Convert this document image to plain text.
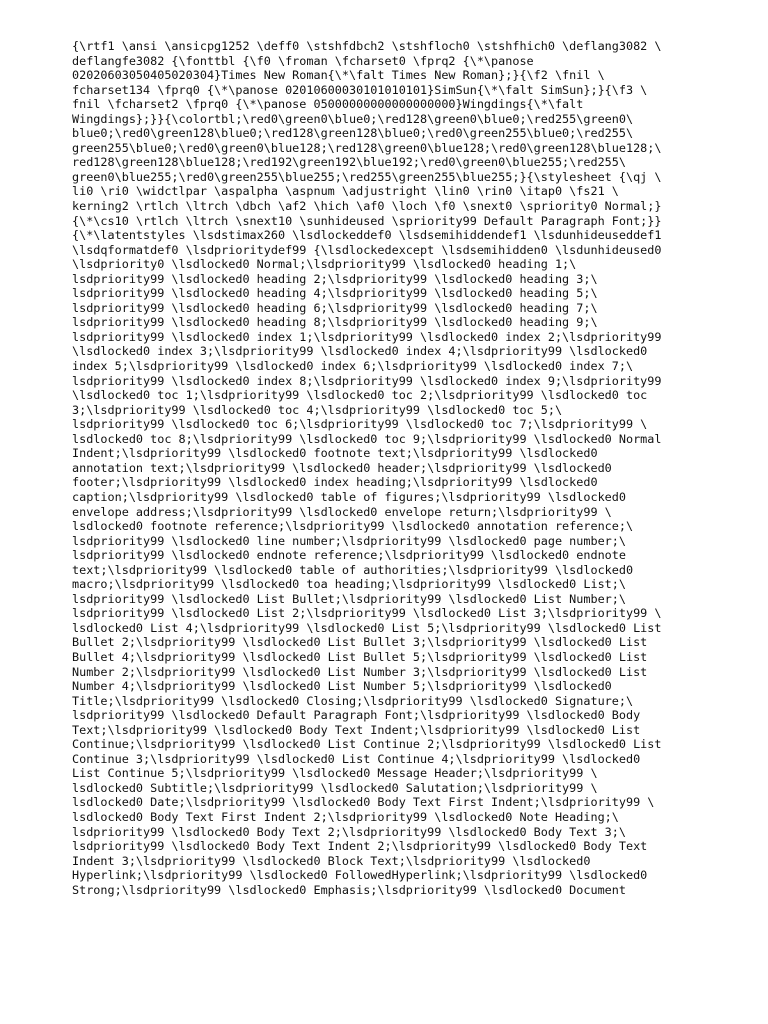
{\rtf1 \ansi \ansicpg1252 \deff0 \stshfdbch2 \stshfloch0 \stshfhich0 \deflang3082 \
deflangfe3082 {\fonttbl {\f0 \froman \fcharset0 \fprq2 {\*\panose
02020603050405020304}Times New Roman{\*\falt Times New Roman};}{\f2 \fnil \
fcharset134 \fprq0 {\*\panose 02010600030101010101}SimSun{\*\falt SimSun};}{\f3 \
fnil \fcharset2 \fprq0 {\*\panose 05000000000000000000}Wingdings{\*\falt
Wingdings};}}{\colortbl;\red0\green0\blue0;\red128\green0\blue0;\red255\green0\
blue0;\red0\green128\blue0;\red128\green128\blue0;\red0\green255\blue0;\red255\
green255\blue0;\red0\green0\blue128;\red128\green0\blue128;\red0\green128\blue128;\
red128\green128\blue128;\red192\green192\blue192;\red0\green0\blue255;\red255\
green0\blue255;\red0\green255\blue255;\red255\green255\blue255;}{\stylesheet {\qj \
li0 \ri0 \widctlpar \aspalpha \aspnum \adjustright \lin0 \rin0 \itap0 \fs21 \
kerning2 \rtlch \ltrch \dbch \af2 \hich \af0 \loch \f0 \snext0 \spriority0 Normal;}
{\*\cs10 \rtlch \ltrch \snext10 \sunhideused \spriority99 Default Paragraph Font;}}
{\*\latentstyles \lsdstimax260 \lsdlockeddef0 \lsdsemihiddendef1 \lsdunhideuseddef1
\lsdqformatdef0 \lsdprioritydef99 {\lsdlockedexcept \lsdsemihidden0 \lsdunhideused0
\lsdpriority0 \lsdlocked0 Normal;\lsdpriority99 \lsdlocked0 heading 1;\
lsdpriority99 \lsdlocked0 heading 2;\lsdpriority99 \lsdlocked0 heading 3;\
lsdpriority99 \lsdlocked0 heading 4;\lsdpriority99 \lsdlocked0 heading 5;\
lsdpriority99 \lsdlocked0 heading 6;\lsdpriority99 \lsdlocked0 heading 7;\
lsdpriority99 \lsdlocked0 heading 8;\lsdpriority99 \lsdlocked0 heading 9;\
lsdpriority99 \lsdlocked0 index 1;\lsdpriority99 \lsdlocked0 index 2;\lsdpriority99
\lsdlocked0 index 3;\lsdpriority99 \lsdlocked0 index 4;\lsdpriority99 \lsdlocked0
index 5;\lsdpriority99 \lsdlocked0 index 6;\lsdpriority99 \lsdlocked0 index 7;\
lsdpriority99 \lsdlocked0 index 8;\lsdpriority99 \lsdlocked0 index 9;\lsdpriority99
\lsdlocked0 toc 1;\lsdpriority99 \lsdlocked0 toc 2;\lsdpriority99 \lsdlocked0 toc
3;\lsdpriority99 \lsdlocked0 toc 4;\lsdpriority99 \lsdlocked0 toc 5;\
lsdpriority99 \lsdlocked0 toc 6;\lsdpriority99 \lsdlocked0 toc 7;\lsdpriority99 \
lsdlocked0 toc 8;\lsdpriority99 \lsdlocked0 toc 9;\lsdpriority99 \lsdlocked0 Normal
Indent;\lsdpriority99 \lsdlocked0 footnote text;\lsdpriority99 \lsdlocked0
annotation text;\lsdpriority99 \lsdlocked0 header;\lsdpriority99 \lsdlocked0
footer;\lsdpriority99 \lsdlocked0 index heading;\lsdpriority99 \lsdlocked0
caption;\lsdpriority99 \lsdlocked0 table of figures;\lsdpriority99 \lsdlocked0
envelope address;\lsdpriority99 \lsdlocked0 envelope return;\lsdpriority99 \
lsdlocked0 footnote reference;\lsdpriority99 \lsdlocked0 annotation reference;\
lsdpriority99 \lsdlocked0 line number;\lsdpriority99 \lsdlocked0 page number;\
lsdpriority99 \lsdlocked0 endnote reference;\lsdpriority99 \lsdlocked0 endnote
text;\lsdpriority99 \lsdlocked0 table of authorities;\lsdpriority99 \lsdlocked0
macro;\lsdpriority99 \lsdlocked0 toa heading;\lsdpriority99 \lsdlocked0 List;\
lsdpriority99 \lsdlocked0 List Bullet;\lsdpriority99 \lsdlocked0 List Number;\
lsdpriority99 \lsdlocked0 List 2;\lsdpriority99 \lsdlocked0 List 3;\lsdpriority99 \
lsdlocked0 List 4;\lsdpriority99 \lsdlocked0 List 5;\lsdpriority99 \lsdlocked0 List
Bullet 2;\lsdpriority99 \lsdlocked0 List Bullet 3;\lsdpriority99 \lsdlocked0 List
Bullet 4;\lsdpriority99 \lsdlocked0 List Bullet 5;\lsdpriority99 \lsdlocked0 List
Number 2;\lsdpriority99 \lsdlocked0 List Number 3;\lsdpriority99 \lsdlocked0 List
Number 4;\lsdpriority99 \lsdlocked0 List Number 5;\lsdpriority99 \lsdlocked0
Title;\lsdpriority99 \lsdlocked0 Closing;\lsdpriority99 \lsdlocked0 Signature;\
lsdpriority99 \lsdlocked0 Default Paragraph Font;\lsdpriority99 \lsdlocked0 Body
Text;\lsdpriority99 \lsdlocked0 Body Text Indent;\lsdpriority99 \lsdlocked0 List
Continue;\lsdpriority99 \lsdlocked0 List Continue 2;\lsdpriority99 \lsdlocked0 List
Continue 3;\lsdpriority99 \lsdlocked0 List Continue 4;\lsdpriority99 \lsdlocked0
List Continue 5;\lsdpriority99 \lsdlocked0 Message Header;\lsdpriority99 \
lsdlocked0 Subtitle;\lsdpriority99 \lsdlocked0 Salutation;\lsdpriority99 \
lsdlocked0 Date;\lsdpriority99 \lsdlocked0 Body Text First Indent;\lsdpriority99 \
lsdlocked0 Body Text First Indent 2;\lsdpriority99 \lsdlocked0 Note Heading;\
lsdpriority99 \lsdlocked0 Body Text 2;\lsdpriority99 \lsdlocked0 Body Text 3;\
lsdpriority99 \lsdlocked0 Body Text Indent 2;\lsdpriority99 \lsdlocked0 Body Text
Indent 3;\lsdpriority99 \lsdlocked0 Block Text;\lsdpriority99 \lsdlocked0
Hyperlink;\lsdpriority99 \lsdlocked0 FollowedHyperlink;\lsdpriority99 \lsdlocked0
Strong;\lsdpriority99 \lsdlocked0 Emphasis;\lsdpriority99 \lsdlocked0 Document
